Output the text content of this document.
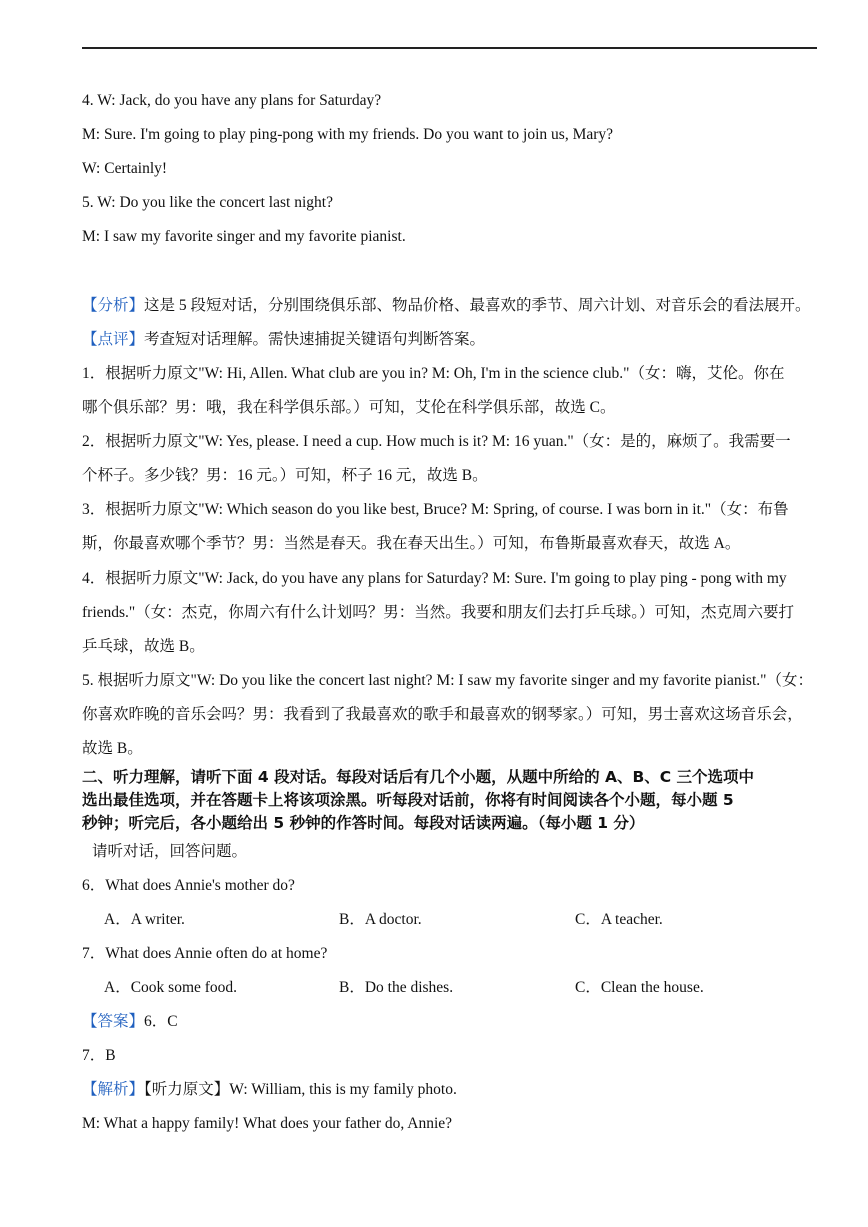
4. W: Jack, do you have any plans for Saturday?
M: Sure. I'm going to play ping-pong with my friends. Do you want to join us, Mary?
W: Certainly!
5. W: Do you like the concert last night?
M: I saw my favorite singer and my favorite pianist.
【分析】这是 5 段短对话，分别围绕俱乐部、物品价格、最喜欢的季节、周六计划、对音乐会的看法展开。
【点评】考查短对话理解。需快速捕捉关键语句判断答案。
1．根据听力原文"W: Hi, Allen. What club are you in? M: Oh, I'm in the science club."（女：嗨，艾伦。你在
哪个俱乐部？男：哦，我在科学俱乐部。）可知，艾伦在科学俱乐部，故选 C。
2．根据听力原文"W: Yes, please. I need a cup. How much is it? M: 16 yuan."（女：是的，麻烦了。我需要一
个杯子。多少钱？男：16 元。）可知，杯子 16 元，故选 B。
3．根据听力原文"W: Which season do you like best, Bruce? M: Spring, of course. I was born in it."（女：布鲁
斯，你最喜欢哪个季节？男：当然是春天。我在春天出生。）可知，布鲁斯最喜欢春天，故选 A。
4．根据听力原文"W: Jack, do you have any plans for Saturday? M: Sure. I'm going to play ping - pong with my
friends."（女：杰克，你周六有什么计划吗？男：当然。我要和朋友们去打乒乓球。）可知，杰克周六要打
乒乓球，故选 B。
5. 根据听力原文"W: Do you like the concert last night? M: I saw my favorite singer and my favorite pianist."（女：
你喜欢昨晚的音乐会吗？男：我看到了我最喜欢的歌手和最喜欢的钢琴家。）可知，男士喜欢这场音乐会，
故选 B。
二、听力理解，请听下面 4 段对话。每段对话后有几个小题，从题中所给的 A、B、C 三个选项中
选出最佳选项，并在答题卡上将该项涂黑。听每段对话前，你将有时间阅读各个小题，每小题 5
秒钟；听完后，各小题给出 5 秒钟的作答时间。每段对话读两遍。（每小题 1 分）
请听对话，回答问题。
6．What does Annie's mother do?
A．A writer.	B．A doctor.	C．A teacher.
7．What does Annie often do at home?
A．Cook some food.	B．Do the dishes.	C．Clean the house.
【答案】6．C
7．B
【解析】【听力原文】W: William, this is my family photo.
M: What a happy family! What does your father do, Annie?
